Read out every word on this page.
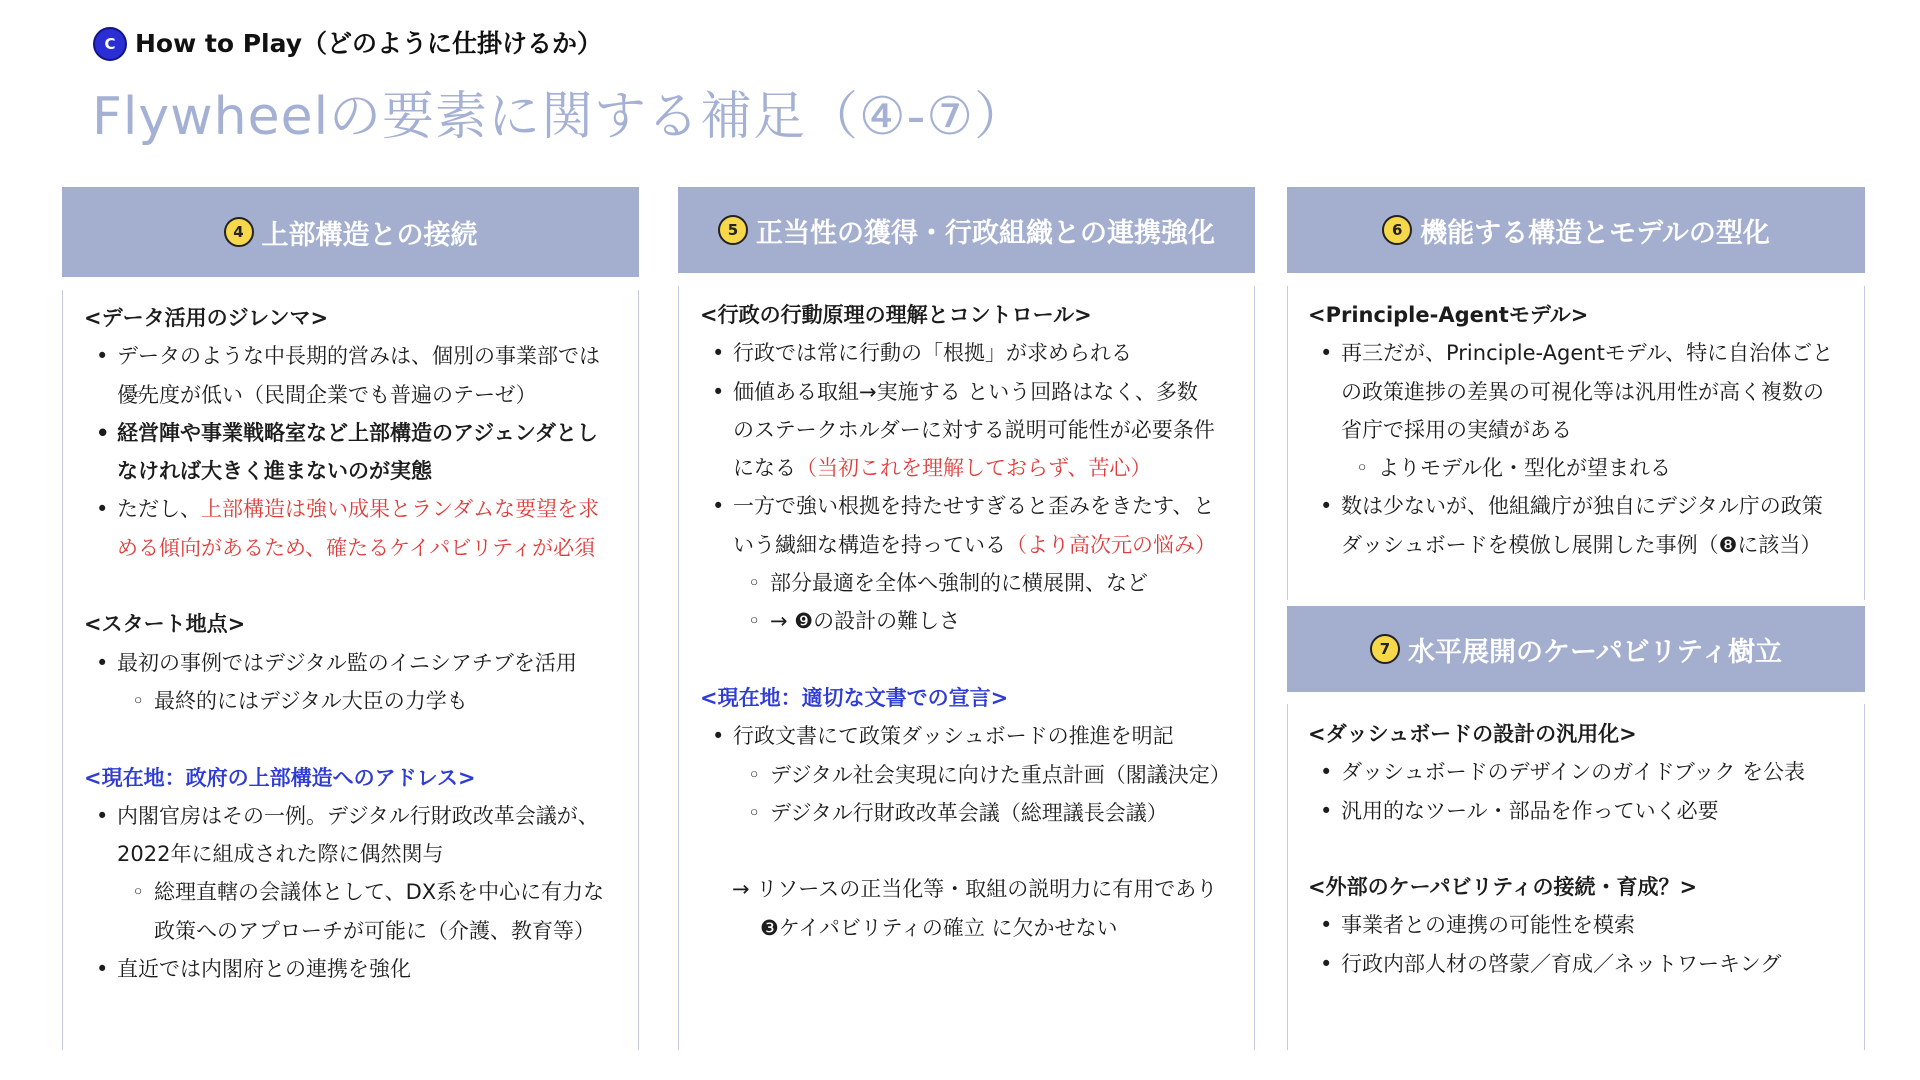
C How to Play（どのように仕掛けるか）
Flywheelの要素に関する補足（④-⑦）
4 上部構造との接続
<データ活用のジレンマ>
• データのような中長期的営みは、個別の事業部では
◦ 優先度が低い（民間企業でも普遍のテーゼ）
• 経営陣や事業戦略室など上部構造のアジェンダとし
なければ大きく進まないのが実態
• ただし、上部構造は強い成果とランダムな要望を求
める傾向があるため、確たるケイパビリティが必須
<スタート地点>
• 最初の事例ではデジタル監のイニシアチブを活用
◦ 最終的にはデジタル大臣の力学も
<現在地：政府の上部構造へのアドレス>
• 内閣官房はその一例。デジタル行財政改革会議が、
2022年に組成された際に偶然関与
◦ 総理直轄の会議体として、DX系を中心に有力な
政策へのアプローチが可能に（介護、教育等）
• 直近では内閣府との連携を強化
5 正当性の獲得・行政組織との連携強化
<行政の行動原理の理解とコントロール>
• 行政では常に行動の「根拠」が求められる
• 価値ある取組→実施する という回路はなく、多数
のステークホルダーに対する説明可能性が必要条件
になる（当初これを理解しておらず、苦心）
• 一方で強い根拠を持たせすぎると歪みをきたす、と
いう繊細な構造を持っている（より高次元の悩み）
◦ 部分最適を全体へ強制的に横展開、など
◦ → ❾の設計の難しさ
<現在地：適切な文書での宣言>
• 行政文書にて政策ダッシュボードの推進を明記
◦ デジタル社会実現に向けた重点計画（閣議決定）
◦ デジタル行財政改革会議（総理議長会議）
→ リソースの正当化等・取組の説明力に有用であり
❸ケイパビリティの確立 に欠かせない
6 機能する構造とモデルの型化
<Principle-Agentモデル>
• 再三だが、Principle-Agentモデル、特に自治体ごと
の政策進捗の差異の可視化等は汎用性が高く複数の
省庁で採用の実績がある
◦ よりモデル化・型化が望まれる
• 数は少ないが、他組織庁が独自にデジタル庁の政策
ダッシュボードを模倣し展開した事例（❽に該当）
7 水平展開のケーパビリティ樹立
<ダッシュボードの設計の汎用化>
• ダッシュボードのデザインのガイドブック を公表
• 汎用的なツール・部品を作っていく必要
<外部のケーパビリティの接続・育成？>
• 事業者との連携の可能性を模索
• 行政内部人材の啓蒙／育成／ネットワーキング
